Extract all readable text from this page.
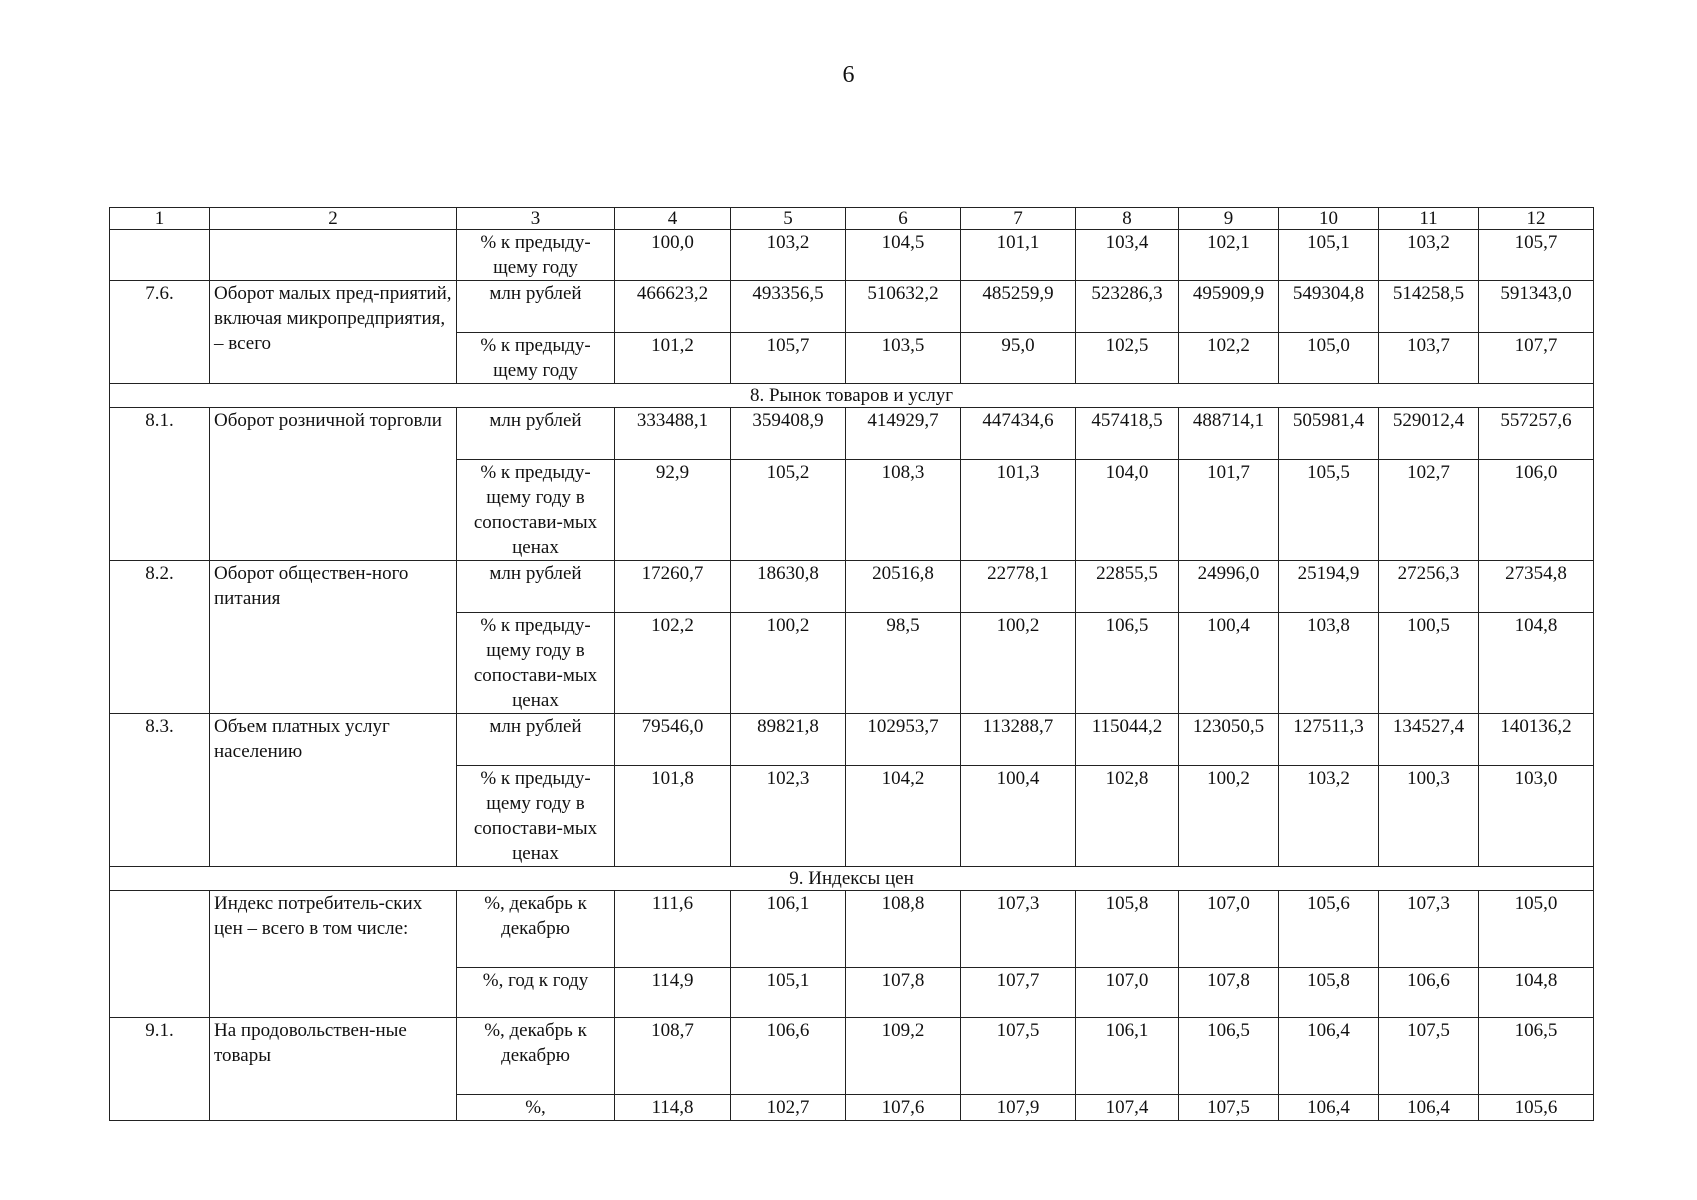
6
1	2	3	4	5	6	7	8	9	10	11	12
		% к предыду-щему году	100,0	103,2	104,5	101,1	103,4	102,1	105,1	103,2	105,7
7.6.	Оборот малых пред-приятий, включая микропредприятия, – всего	млн рублей	466623,2	493356,5	510632,2	485259,9	523286,3	495909,9	549304,8	514258,5	591343,0
		% к предыду-щему году	101,2	105,7	103,5	95,0	102,5	102,2	105,0	103,7	107,7
8. Рынок товаров и услуг											
8.1.	Оборот розничной торговли	млн рублей	333488,1	359408,9	414929,7	447434,6	457418,5	488714,1	505981,4	529012,4	557257,6
		% к предыду-щему году в сопостави-мых ценах	92,9	105,2	108,3	101,3	104,0	101,7	105,5	102,7	106,0
8.2.	Оборот обществен-ного питания	млн рублей	17260,7	18630,8	20516,8	22778,1	22855,5	24996,0	25194,9	27256,3	27354,8
		% к предыду-щему году в сопостави-мых ценах	102,2	100,2	98,5	100,2	106,5	100,4	103,8	100,5	104,8
8.3.	Объем платных услуг населению	млн рублей	79546,0	89821,8	102953,7	113288,7	115044,2	123050,5	127511,3	134527,4	140136,2
		% к предыду-щему году в сопостави-мых ценах	101,8	102,3	104,2	100,4	102,8	100,2	103,2	100,3	103,0
9. Индексы цен											
	Индекс потребитель-ских цен – всего в том числе:	%, декабрь к декабрю	111,6	106,1	108,8	107,3	105,8	107,0	105,6	107,3	105,0
		%, год к году	114,9	105,1	107,8	107,7	107,0	107,8	105,8	106,6	104,8
9.1.	На продовольствен-ные товары	%, декабрь к декабрю	108,7	106,6	109,2	107,5	106,1	106,5	106,4	107,5	106,5
		%,	114,8	102,7	107,6	107,9	107,4	107,5	106,4	106,4	105,6
